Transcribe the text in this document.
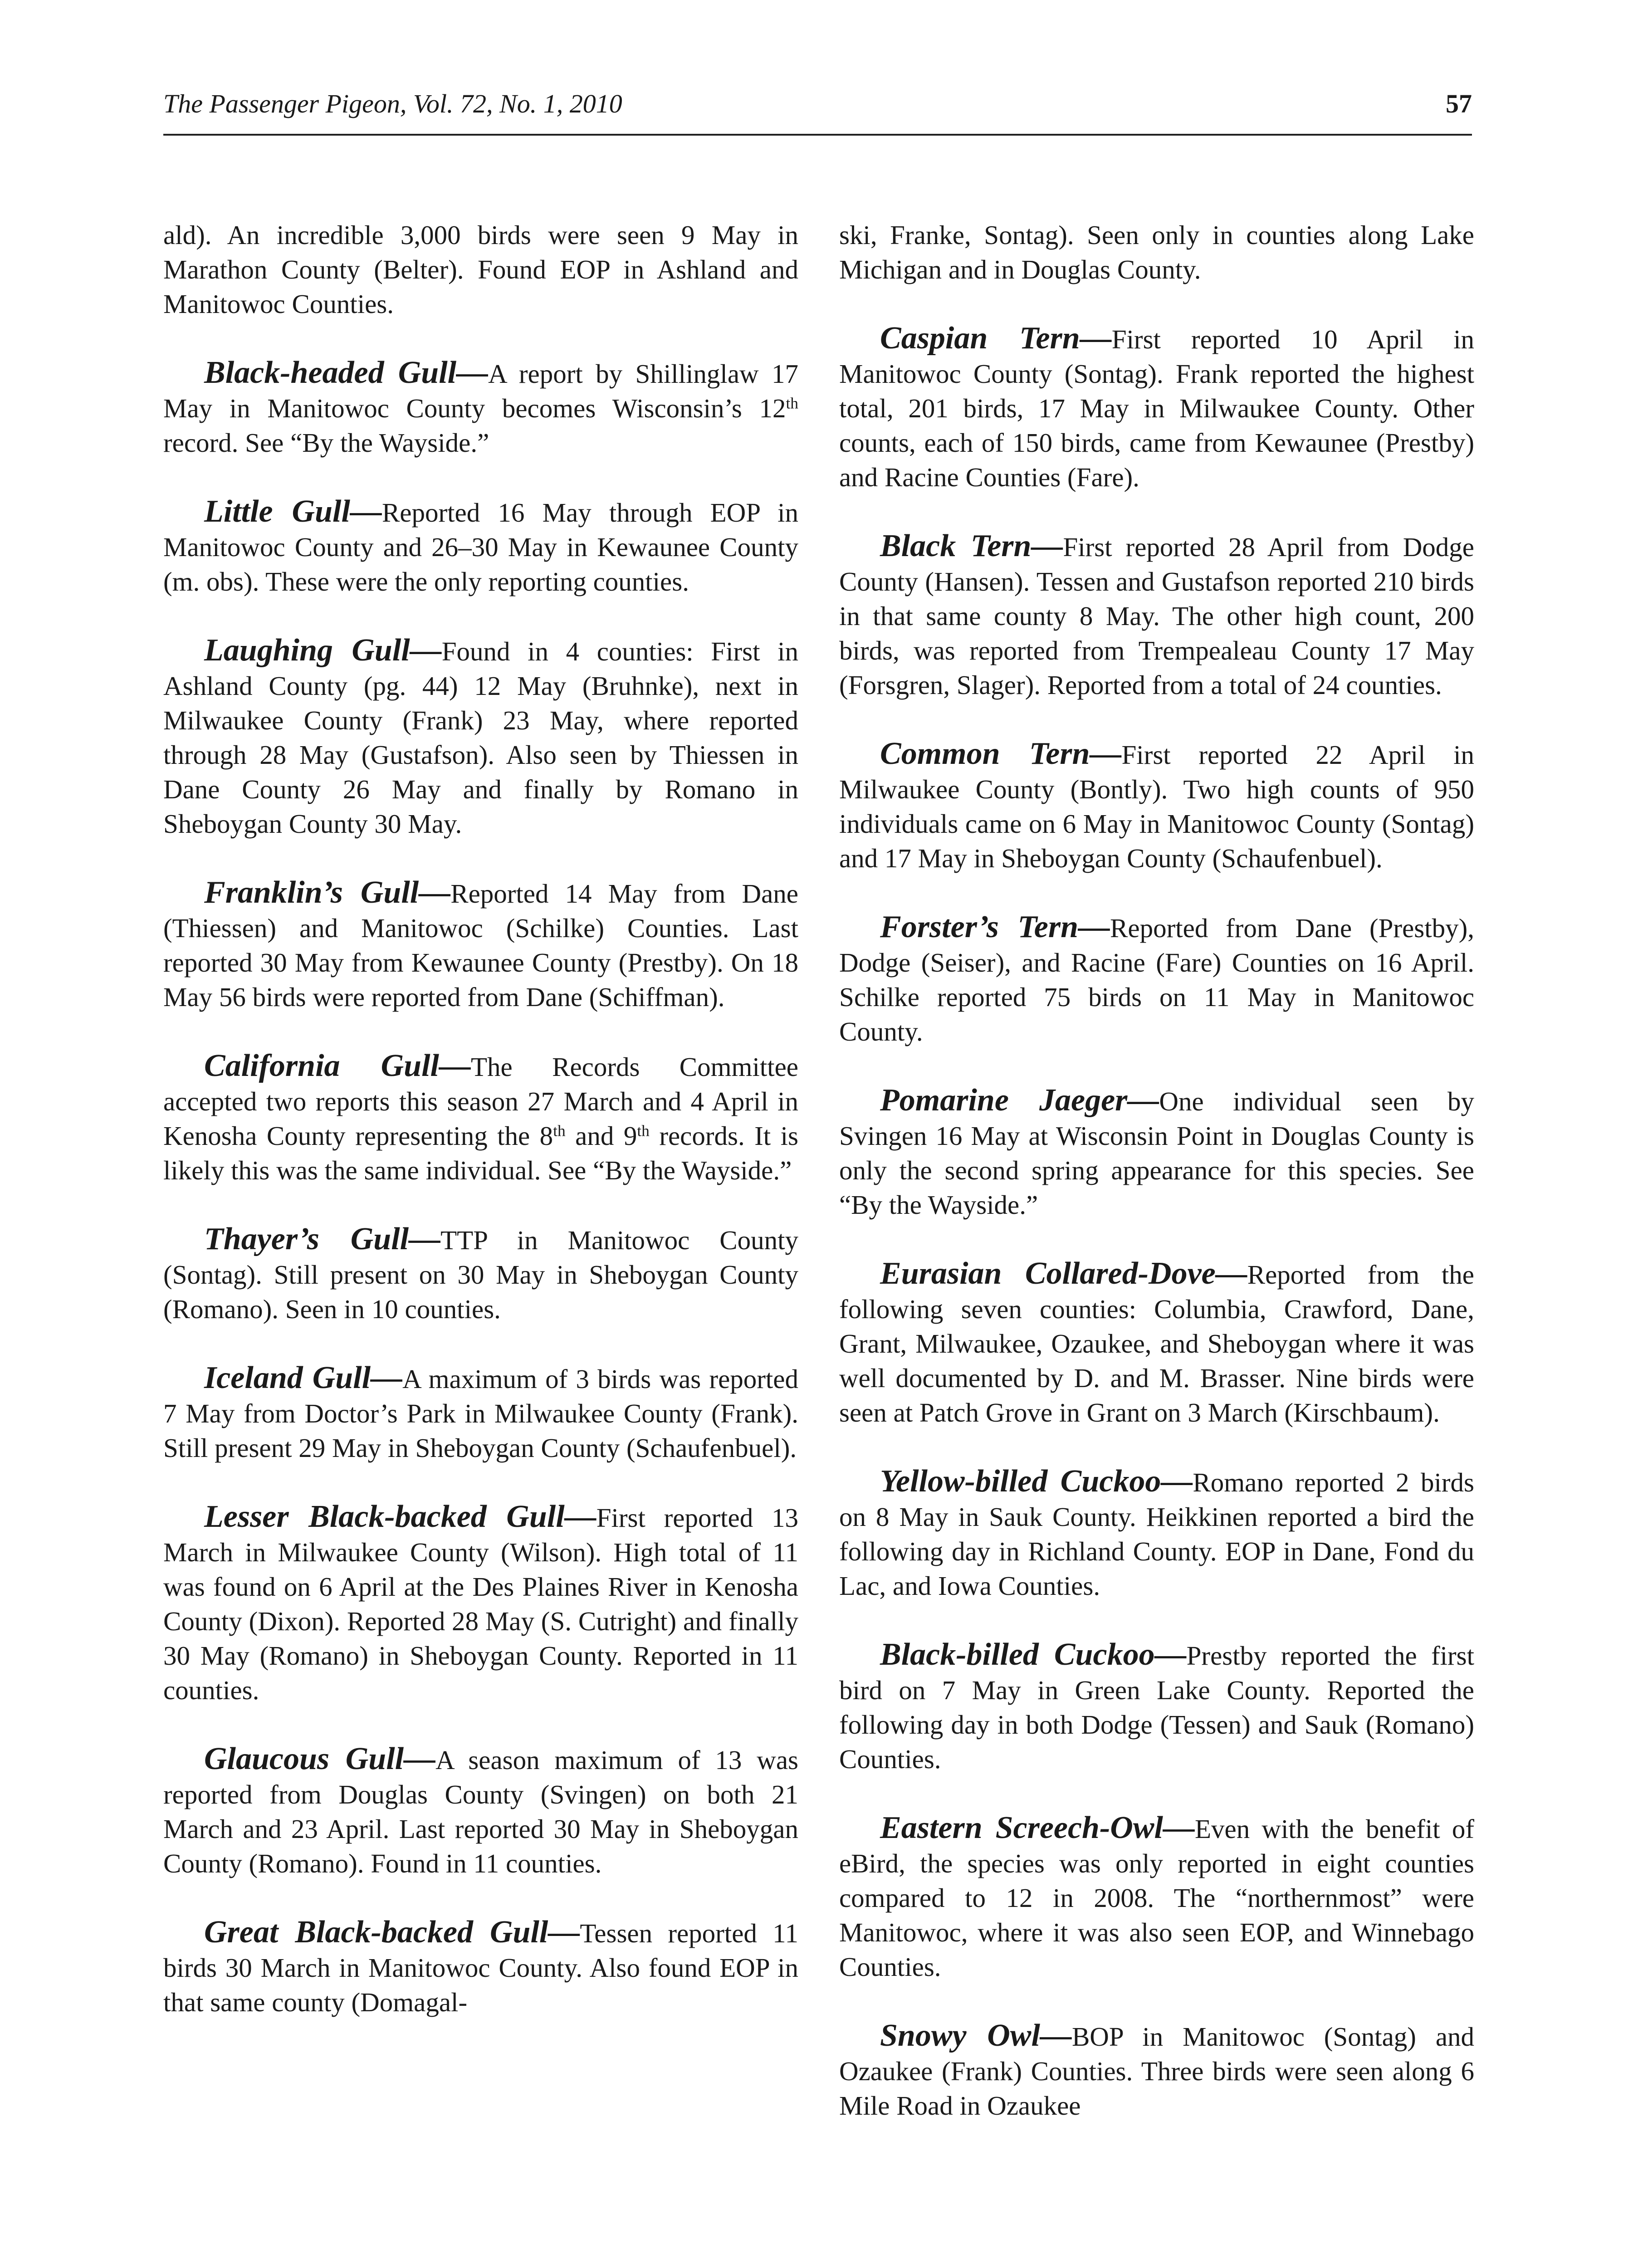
The Passenger Pigeon, Vol. 72, No. 1, 2010	57

ald). An incredible 3,000 birds were seen 9 May in Marathon County (Belter). Found EOP in Ashland and Manitowoc Counties.

Black-headed Gull—A report by Shillinglaw 17 May in Manitowoc County becomes Wisconsin’s 12th record. See “By the Wayside.”

Little Gull—Reported 16 May through EOP in Manitowoc County and 26–30 May in Kewaunee County (m. obs). These were the only reporting counties.

Laughing Gull—Found in 4 counties: First in Ashland County (pg. 44) 12 May (Bruhnke), next in Milwaukee County (Frank) 23 May, where reported through 28 May (Gustafson). Also seen by Thiessen in Dane County 26 May and finally by Romano in Sheboygan County 30 May.

Franklin’s Gull—Reported 14 May from Dane (Thiessen) and Manitowoc (Schilke) Counties. Last reported 30 May from Kewaunee County (Prestby). On 18 May 56 birds were reported from Dane (Schiffman).

California Gull—The Records Committee accepted two reports this season 27 March and 4 April in Kenosha County representing the 8th and 9th records. It is likely this was the same individual. See “By the Wayside.”

Thayer’s Gull—TTP in Manitowoc County (Sontag). Still present on 30 May in Sheboygan County (Romano). Seen in 10 counties.

Iceland Gull—A maximum of 3 birds was reported 7 May from Doctor’s Park in Milwaukee County (Frank). Still present 29 May in Sheboygan County (Schaufenbuel).

Lesser Black-backed Gull—First reported 13 March in Milwaukee County (Wilson). High total of 11 was found on 6 April at the Des Plaines River in Kenosha County (Dixon). Reported 28 May (S. Cutright) and finally 30 May (Romano) in Sheboygan County. Reported in 11 counties.

Glaucous Gull—A season maximum of 13 was reported from Douglas County (Svingen) on both 21 March and 23 April. Last reported 30 May in Sheboygan County (Romano). Found in 11 counties.

Great Black-backed Gull—Tessen reported 11 birds 30 March in Manitowoc County. Also found EOP in that same county (Domagal-

ski, Franke, Sontag). Seen only in counties along Lake Michigan and in Douglas County.

Caspian Tern—First reported 10 April in Manitowoc County (Sontag). Frank reported the highest total, 201 birds, 17 May in Milwaukee County. Other counts, each of 150 birds, came from Kewaunee (Prestby) and Racine Counties (Fare).

Black Tern—First reported 28 April from Dodge County (Hansen). Tessen and Gustafson reported 210 birds in that same county 8 May. The other high count, 200 birds, was reported from Trempealeau County 17 May (Forsgren, Slager). Reported from a total of 24 counties.

Common Tern—First reported 22 April in Milwaukee County (Bontly). Two high counts of 950 individuals came on 6 May in Manitowoc County (Sontag) and 17 May in Sheboygan County (Schaufenbuel).

Forster’s Tern—Reported from Dane (Prestby), Dodge (Seiser), and Racine (Fare) Counties on 16 April. Schilke reported 75 birds on 11 May in Manitowoc County.

Pomarine Jaeger—One individual seen by Svingen 16 May at Wisconsin Point in Douglas County is only the second spring appearance for this species. See “By the Wayside.”

Eurasian Collared-Dove—Reported from the following seven counties: Columbia, Crawford, Dane, Grant, Milwaukee, Ozaukee, and Sheboygan where it was well documented by D. and M. Brasser. Nine birds were seen at Patch Grove in Grant on 3 March (Kirschbaum).

Yellow-billed Cuckoo—Romano reported 2 birds on 8 May in Sauk County. Heikkinen reported a bird the following day in Richland County. EOP in Dane, Fond du Lac, and Iowa Counties.

Black-billed Cuckoo—Prestby reported the first bird on 7 May in Green Lake County. Reported the following day in both Dodge (Tessen) and Sauk (Romano) Counties.

Eastern Screech-Owl—Even with the benefit of eBird, the species was only reported in eight counties compared to 12 in 2008. The “northernmost” were Manitowoc, where it was also seen EOP, and Winnebago Counties.

Snowy Owl—BOP in Manitowoc (Sontag) and Ozaukee (Frank) Counties. Three birds were seen along 6 Mile Road in Ozaukee
